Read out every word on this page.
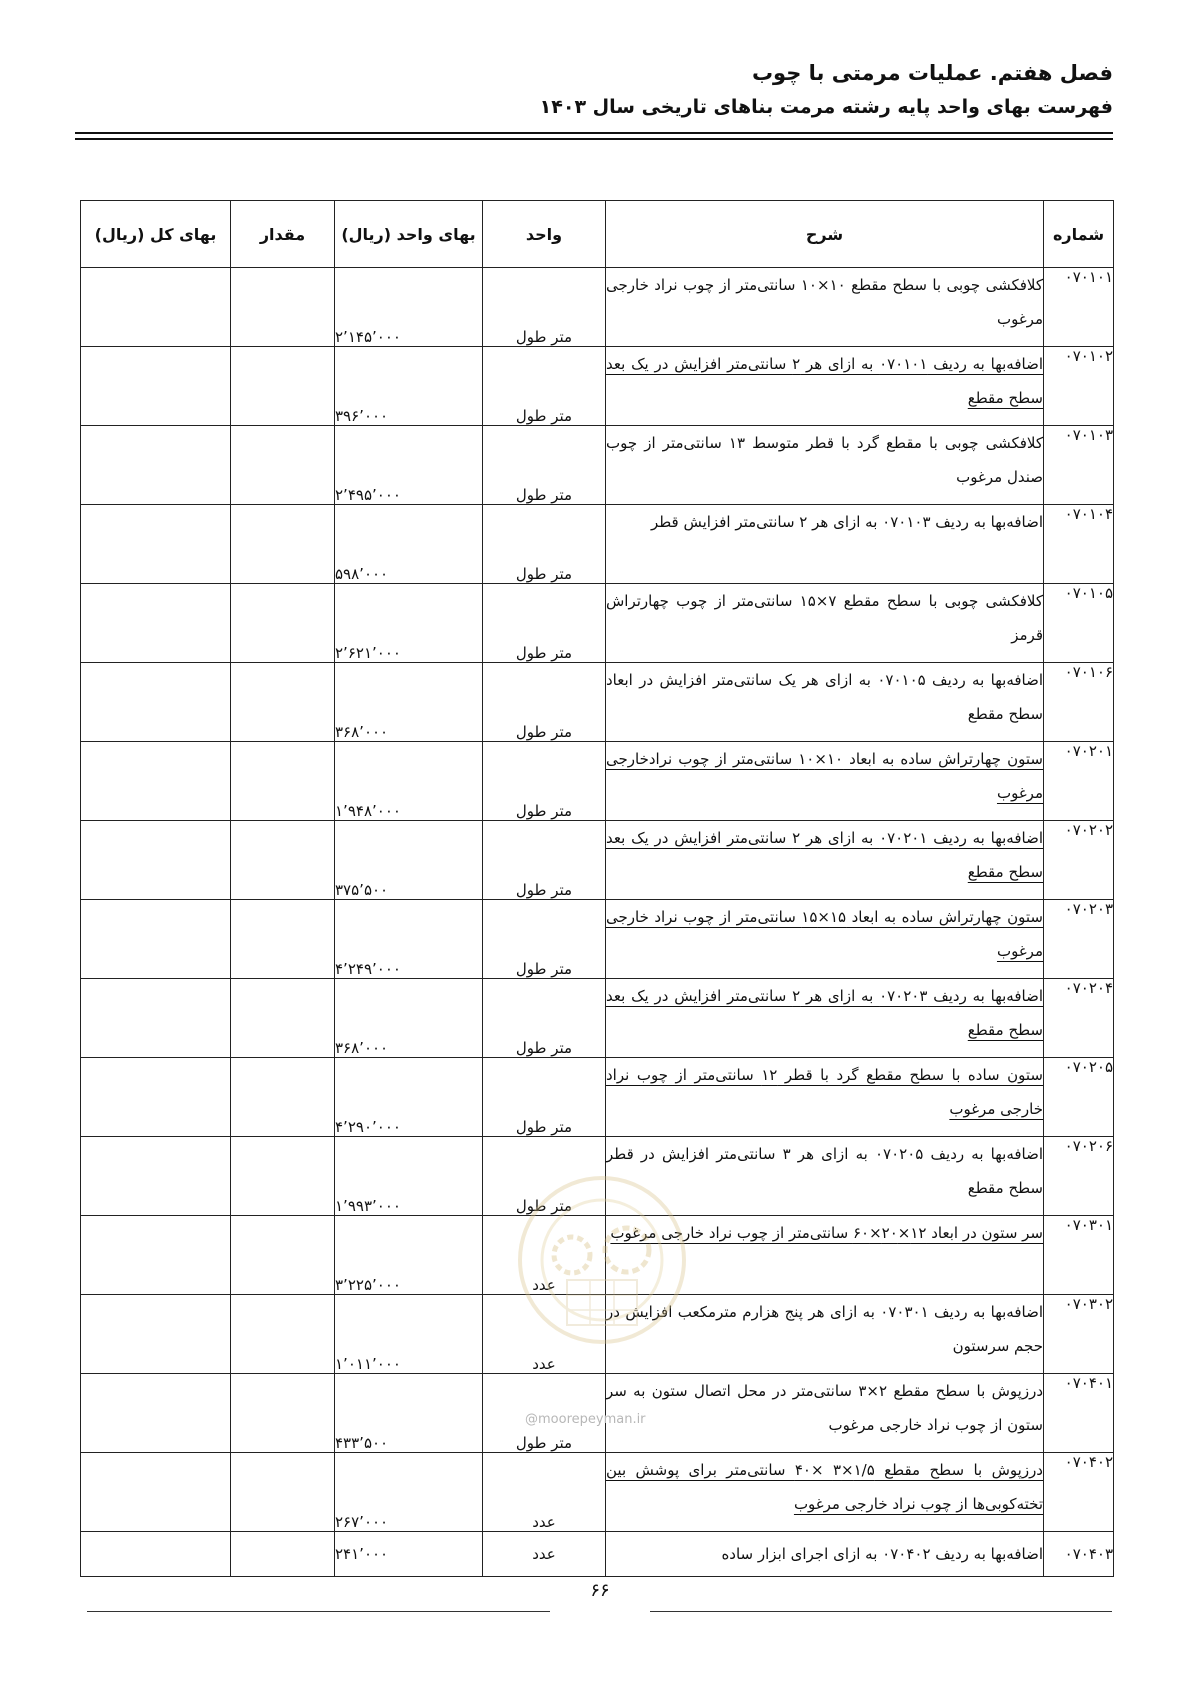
فصل هفتم. عملیات مرمتی با چوب
فهرست بهای واحد پایه رشته مرمت بناهای تاریخی سال ۱۴۰۳
شماره	شرح	واحد	بهای واحد (ریال)	مقدار	بهای کل (ریال)
۰۷۰۱۰۱	کلافکشی چوبی با سطح مقطع ۱۰×۱۰ سانتی‌متر از چوب نراد خارجی مرغوب	متر طول	۲٬۱۴۵٬۰۰۰		
۰۷۰۱۰۲	اضافه‌بها به ردیف ۰۷۰۱۰۱ به ازای هر ۲ سانتی‌متر افزایش در یک بعد سطح مقطع	متر طول	۳۹۶٬۰۰۰		
۰۷۰۱۰۳	کلافکشی چوبی با مقطع گرد با قطر متوسط ۱۳ سانتی‌متر از چوب صندل مرغوب	متر طول	۲٬۴۹۵٬۰۰۰		
۰۷۰۱۰۴	اضافه‌بها به ردیف ۰۷۰۱۰۳ به ازای هر ۲ سانتی‌متر افزایش قطر	متر طول	۵۹۸٬۰۰۰		
۰۷۰۱۰۵	کلافکشی چوبی با سطح مقطع ۷×۱۵ سانتی‌متر از چوب چهارتراش قرمز	متر طول	۲٬۶۲۱٬۰۰۰		
۰۷۰۱۰۶	اضافه‌بها به ردیف ۰۷۰۱۰۵ به ازای هر یک سانتی‌متر افزایش در ابعاد سطح مقطع	متر طول	۳۶۸٬۰۰۰		
۰۷۰۲۰۱	ستون چهارتراش ساده به ابعاد ۱۰×۱۰ سانتی‌متر از چوب نرادخارجی مرغوب	متر طول	۱٬۹۴۸٬۰۰۰		
۰۷۰۲۰۲	اضافه‌بها به ردیف ۰۷۰۲۰۱ به ازای هر ۲ سانتی‌متر افزایش در یک بعد سطح مقطع	متر طول	۳۷۵٬۵۰۰		
۰۷۰۲۰۳	ستون چهارتراش ساده به ابعاد ۱۵×۱۵ سانتی‌متر از چوب نراد خارجی مرغوب	متر طول	۴٬۲۴۹٬۰۰۰		
۰۷۰۲۰۴	اضافه‌بها به ردیف ۰۷۰۲۰۳ به ازای هر ۲ سانتی‌متر افزایش در یک بعد سطح مقطع	متر طول	۳۶۸٬۰۰۰		
۰۷۰۲۰۵	ستون ساده با سطح مقطع گرد با قطر ۱۲ سانتی‌متر از چوب نراد خارجی مرغوب	متر طول	۴٬۲۹۰٬۰۰۰		
۰۷۰۲۰۶	اضافه‌بها به ردیف ۰۷۰۲۰۵ به ازای هر ۳ سانتی‌متر افزایش در قطر سطح مقطع	متر طول	۱٬۹۹۳٬۰۰۰		
۰۷۰۳۰۱	سر ستون در ابعاد ۱۲×۲۰×۶۰ سانتی‌متر از چوب نراد خارجی مرغوب	عدد	۳٬۲۲۵٬۰۰۰		
۰۷۰۳۰۲	اضافه‌بها به ردیف ۰۷۰۳۰۱ به ازای هر پنج هزارم مترمکعب افزایش در حجم سرستون	عدد	۱٬۰۱۱٬۰۰۰		
۰۷۰۴۰۱	درزپوش با سطح مقطع ۲×۳ سانتی‌متر در محل اتصال ستون به سر ستون از چوب نراد خارجی مرغوب	متر طول	۴۳۳٬۵۰۰		
۰۷۰۴۰۲	درزپوش با سطح مقطع ۱/۵×۳ ×۴۰ سانتی‌متر برای پوشش بین تخته‌کوبی‌ها از چوب نراد خارجی مرغوب	عدد	۲۶۷٬۰۰۰		
۰۷۰۴۰۳	اضافه‌بها به ردیف ۰۷۰۴۰۲ به ازای اجرای ابزار ساده	عدد	۲۴۱٬۰۰۰		
@moorepeyman.ir
۶۶
